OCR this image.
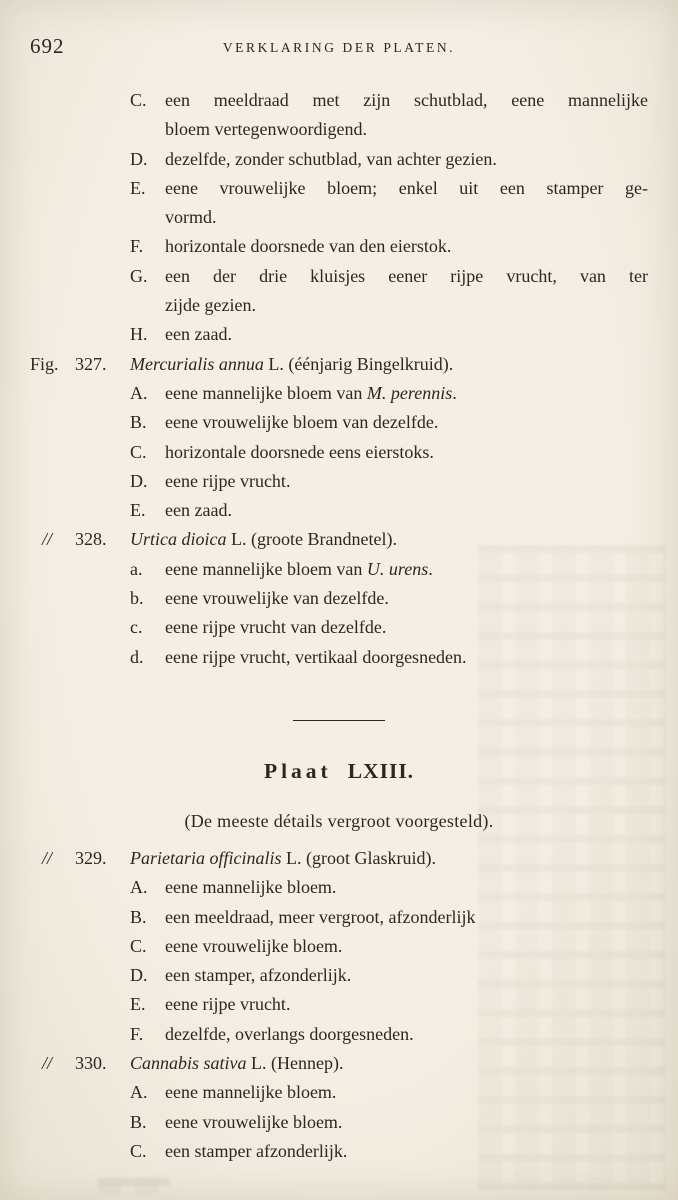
692	VERKLARING DER PLATEN.
C.	een meeldraad met zijn schutblad, eene mannelijke
bloem vertegenwoordigend.
D. dezelfde, zonder schutblad, van achter gezien.
E.	eene vrouwelijke bloem; enkel uit een stamper ge-
vormd.
F.	horizontale doorsnede van den eierstok.
G. een der drie kluisjes eener rijpe vrucht, van ter
zijde gezien.
H. een zaad.
Fig. 327. Mercurialis annua L. (éénjarig Bingelkruid).
A. eene mannelijke bloem van M. perennis.
B.	eene vrouwelijke bloem van dezelfde.
C.	horizontale doorsnede eens eierstoks.
D. eene rijpe vrucht.
E.	een zaad.
//	328. Urtica dioica L. (groote Brandnetel).
a.	eene mannelijke bloem van U. urens.
b.	eene vrouwelijke van dezelfde.
c.	eene rijpe vrucht van dezelfde.
d.	eene rijpe vrucht, vertikaal doorgesneden.
Plaat LXIII.
(De meeste détails vergroot voorgesteld).
//	329. Parietaria officinalis L. (groot Glaskruid).
A. eene mannelijke bloem.
B.	een meeldraad, meer vergroot, afzonderlijk
C.	eene vrouwelijke bloem.
D. een stamper, afzonderlijk.
E.	eene rijpe vrucht.
F.	dezelfde, overlangs doorgesneden.
//	330. Cannabis sativa L. (Hennep).
A. eene mannelijke bloem.
B.	eene vrouwelijke bloem.
C.	een stamper afzonderlijk.
